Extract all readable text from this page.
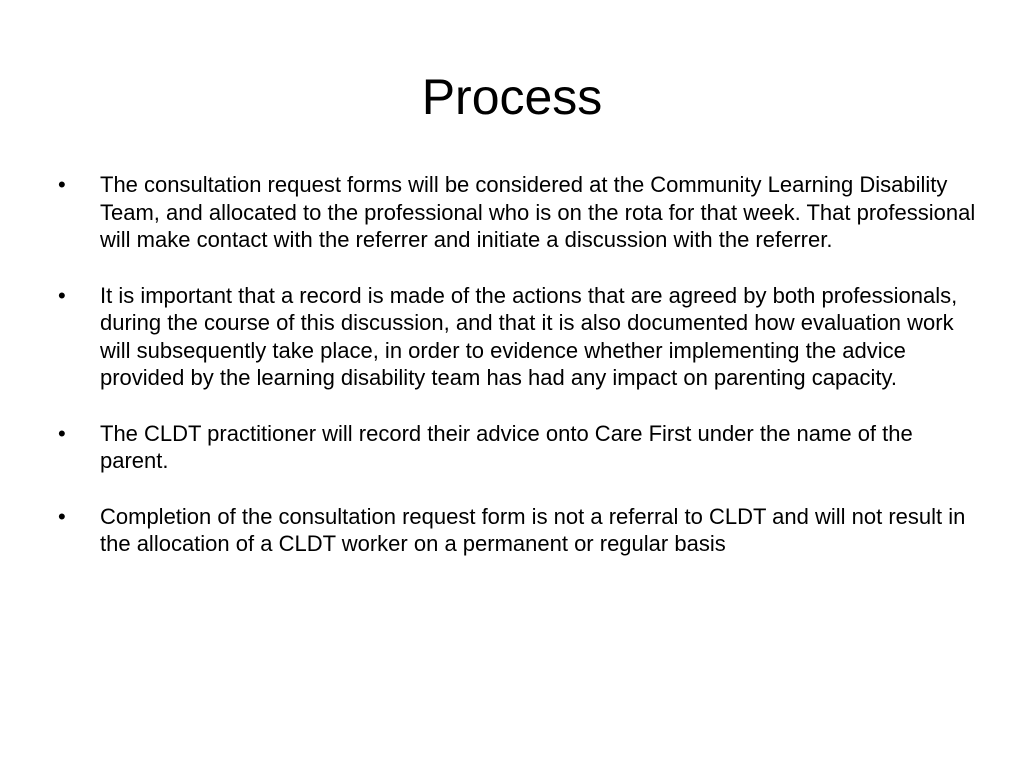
Process
•	The consultation request forms will be considered at the Community Learning Disability Team, and allocated to the professional who is on the rota for that week. That professional will make contact with the referrer and initiate a discussion with the referrer.
•	It is important that a record is made of the actions that are agreed by both professionals, during the course of this discussion, and that it is also documented how evaluation work will subsequently take place, in order to evidence whether implementing the advice provided by the learning disability team has had any impact on parenting capacity.
•	The CLDT practitioner will record their advice onto Care First under the name of the parent.
•	Completion of the consultation request form is not a referral to CLDT and will not result in the allocation of a CLDT worker on a permanent or regular basis
